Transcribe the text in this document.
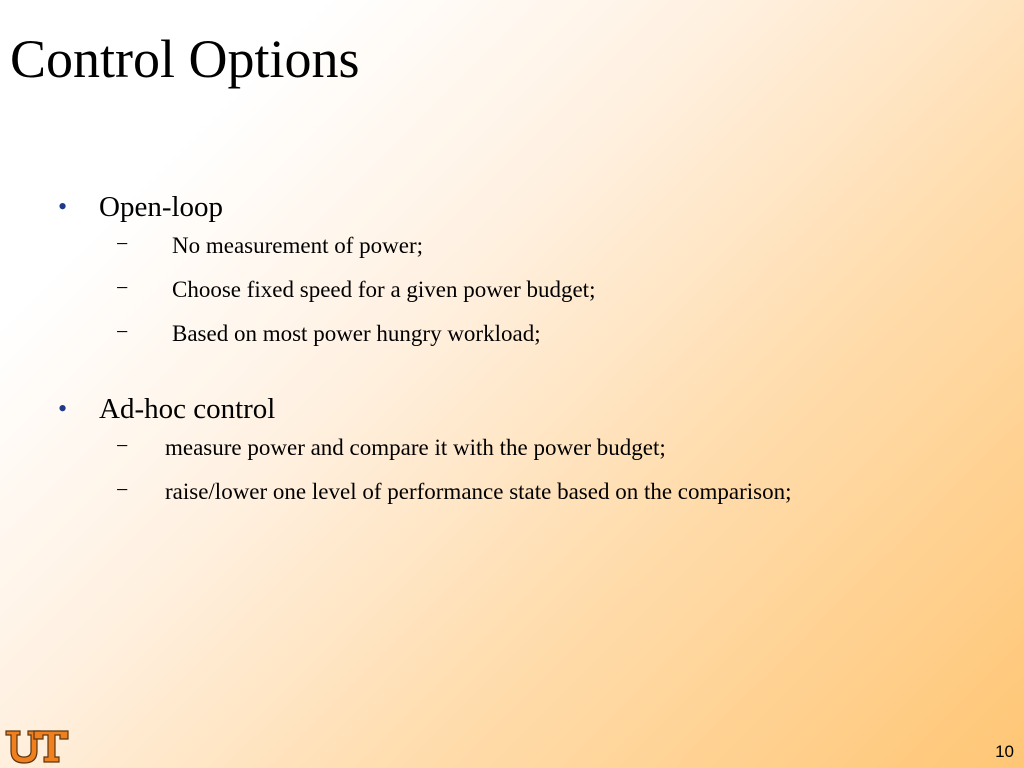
Control Options
• Open-loop
− No measurement of power;
− Choose fixed speed for a given power budget;
− Based on most power hungry workload;
• Ad-hoc control
− measure power and compare it with the power budget;
− raise/lower one level of performance state based on the comparison;
10
